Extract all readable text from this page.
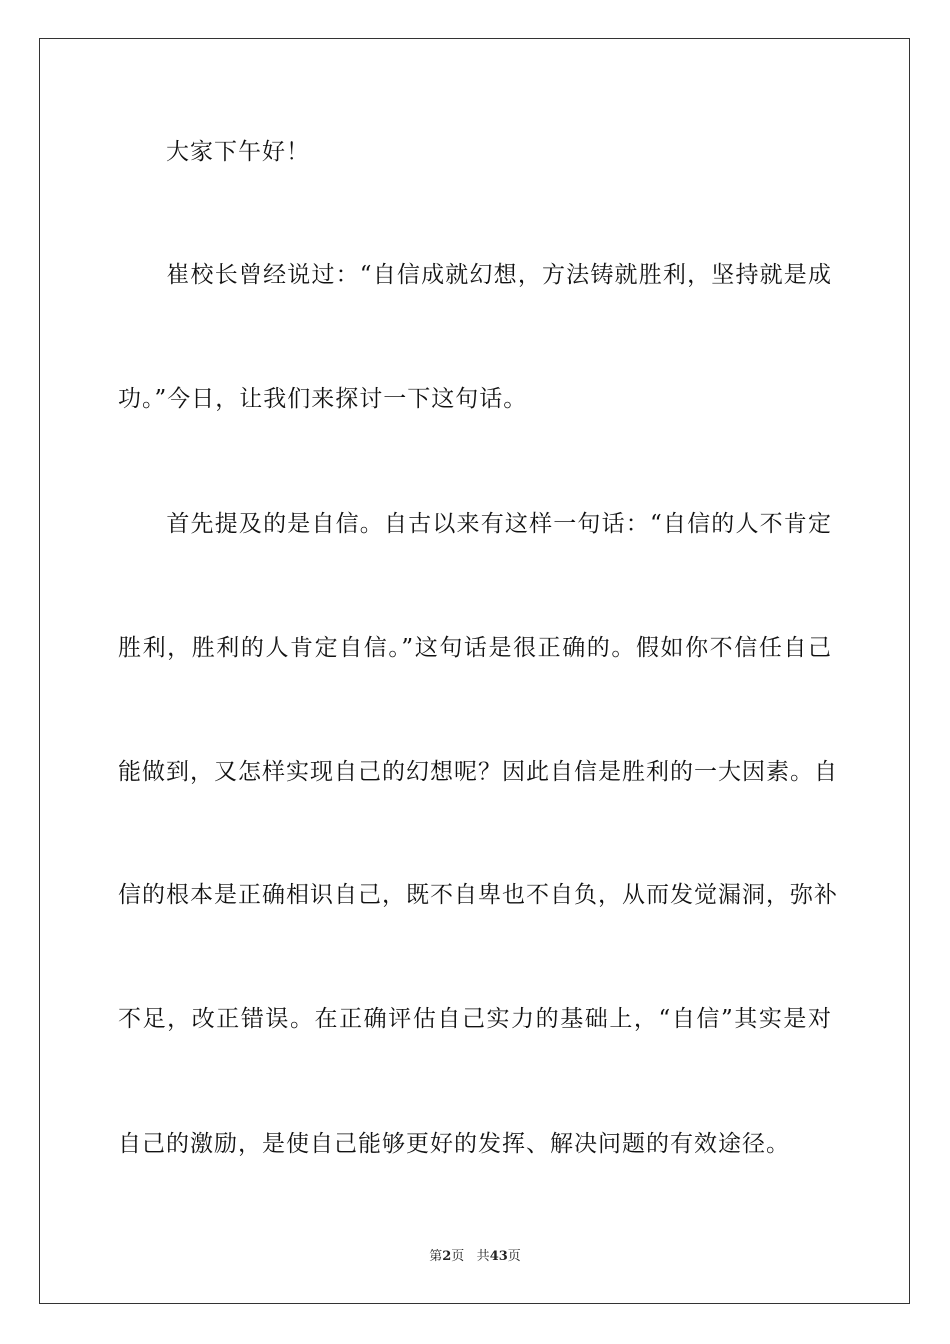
　　大家下午好！
　　崔校长曾经说过：“自信成就幻想，方法铸就胜利，坚持就是成
功。”今日，让我们来探讨一下这句话。
　　首先提及的是自信。自古以来有这样一句话：“自信的人不肯定
胜利，胜利的人肯定自信。”这句话是很正确的。假如你不信任自己
能做到，又怎样实现自己的幻想呢？因此自信是胜利的一大因素。自
信的根本是正确相识自己，既不自卑也不自负，从而发觉漏洞，弥补
不足，改正错误。在正确评估自己实力的基础上，“自信”其实是对
自己的激励，是使自己能够更好的发挥、解决问题的有效途径。
第2页 共43页
